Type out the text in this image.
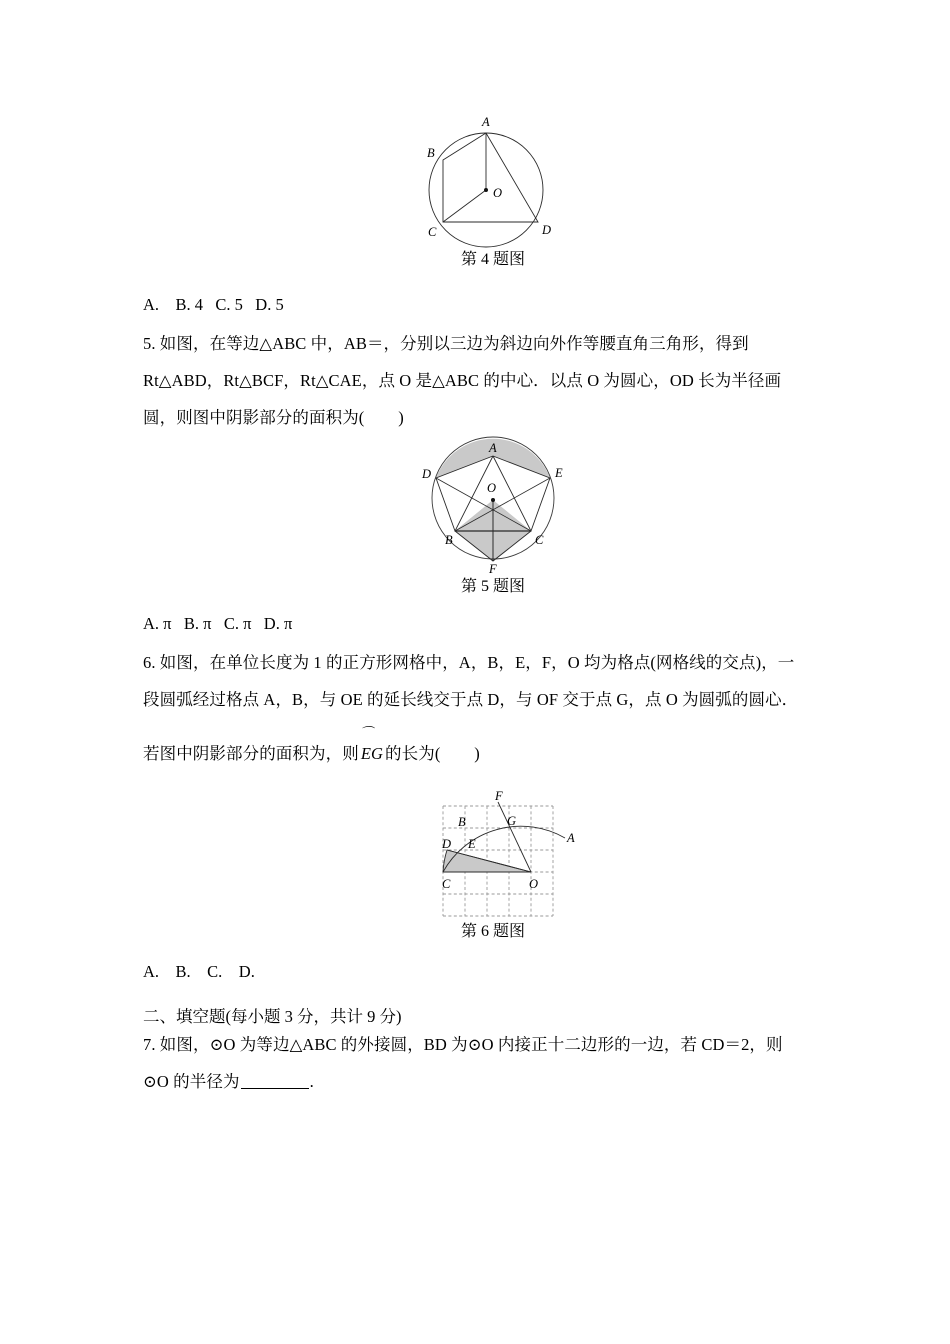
A
B
C	D
O
第 4 题图
A.    B. 4   C. 5   D. 5
5. 如图，在等边△ABC 中，AB＝，分别以三边为斜边向外作等腰直角三角形，得到
Rt△ABD，Rt△BCF，Rt△CAE，点 O 是△ABC 的中心．以点 O 为圆心，OD 长为半径画
圆，则图中阴影部分的面积为(        )
A
D	E
B	C
F
O
第 5 题图
A. π   B. π   C. π   D. π
6. 如图，在单位长度为 1 的正方形网格中，A，B，E，F，O 均为格点(网格线的交点)，一
段圆弧经过格点 A，B，与 OE 的延长线交于点 D，与 OF 交于点 G，点 O 为圆弧的圆心．
若图中阴影部分的面积为，则
⌒
EG 的长为(        )
B
D E
C	O
F
G
A
第 6 题图
A.    B.    C.    D.
二、填空题(每小题 3 分，共计 9 分)
7. 如图，⊙O 为等边△ABC 的外接圆，BD 为⊙O 内接正十二边形的一边，若 CD＝2，则
⊙O 的半径为	.
